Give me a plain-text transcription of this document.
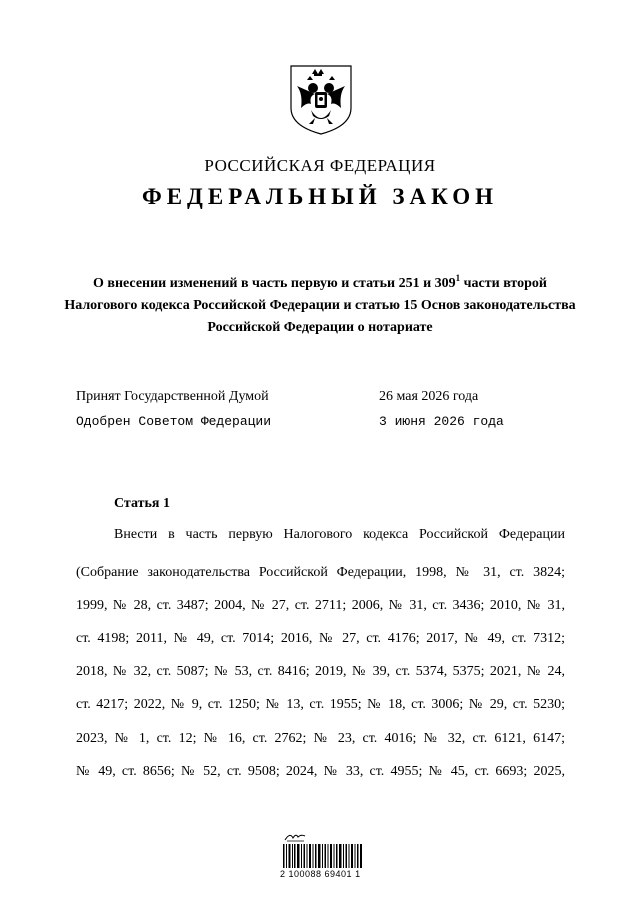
РОССИЙСКАЯ ФЕДЕРАЦИЯ
ФЕДЕРАЛЬНЫЙ ЗАКОН
О внесении изменений в часть первую и статьи 251 и $309^1$ части второй Налогового кодекса Российской Федерации и статью 15 Основ законодательства Российской Федерации о нотариате
Принят Государственной Думой	26 мая 2026 года
Одобрен Советом Федерации	3 июня 2026 года
Статья 1
Внести в часть первую Налогового кодекса Российской Федерации
(Собрание законодательства Российской Федерации, 1998, № 31, ст. 3824;
1999, № 28, ст. 3487; 2004, № 27, ст. 2711; 2006, № 31, ст. 3436; 2010, № 31,
ст. 4198; 2011, № 49, ст. 7014; 2016, № 27, ст. 4176; 2017, № 49, ст. 7312;
2018, № 32, ст. 5087; № 53, ст. 8416; 2019, № 39, ст. 5374, 5375; 2021, № 24,
ст. 4217; 2022, № 9, ст. 1250; № 13, ст. 1955; № 18, ст. 3006; № 29, ст. 5230;
2023, № 1, ст. 12; № 16, ст. 2762; № 23, ст. 4016; № 32, ст. 6121, 6147;
№ 49, ст. 8656; № 52, ст. 9508; 2024, № 33, ст. 4955; № 45, ст. 6693; 2025,
2 100088 69401 1
